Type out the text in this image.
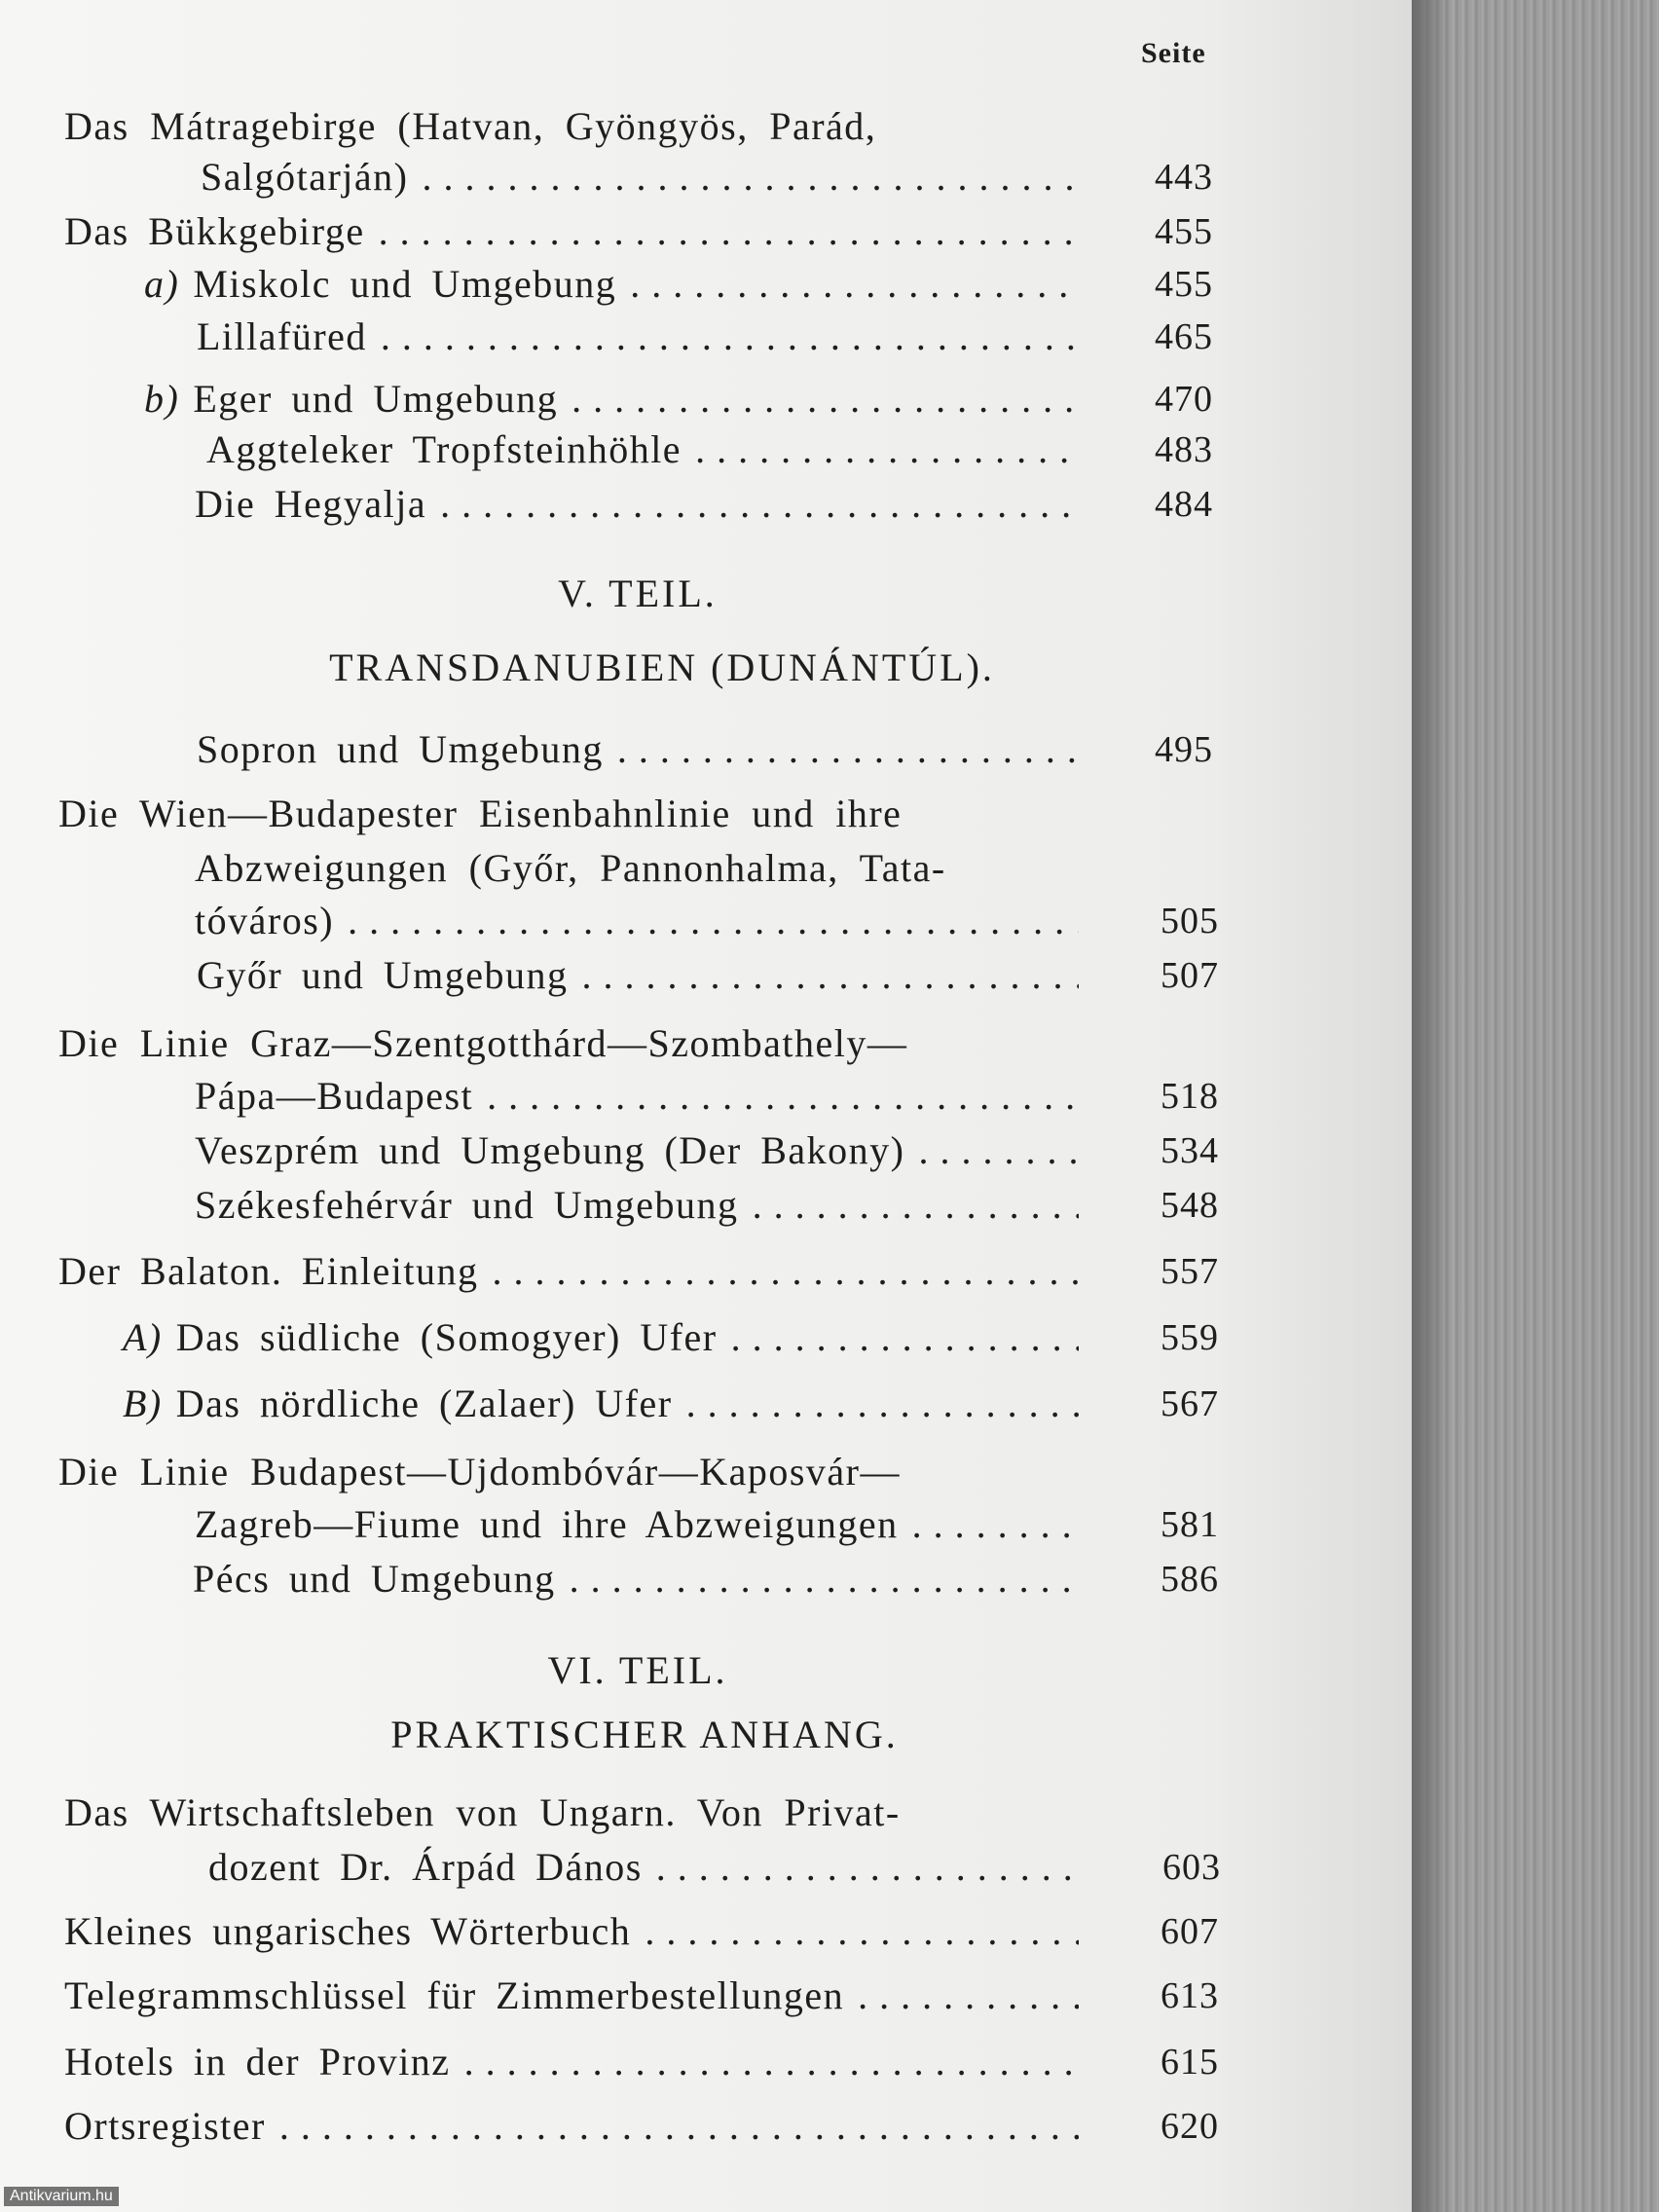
Seite
Das Mátragebirge (Hatvan, Gyöngyös, Parád,
Salgótarján) . . .	443
Das Bükkgebirge . . .	455
a) Miskolc und Umgebung . . .	455
Lillafüred . . .	465
b) Eger und Umgebung . . .	470
Aggteleker Tropfsteinhöhle . . .	483
Die Hegyalja . . .	484
V. TEIL.
TRANSDANUBIEN (DUNÁNTÚL).
Sopron und Umgebung . . .	495
Die Wien—Budapester Eisenbahnlinie und ihre
Abzweigungen (Győr, Pannonhalma, Tata-
tóváros) . . .	505
Győr und Umgebung . . .	507
Die Linie Graz—Szentgotthárd—Szombathely—
Pápa—Budapest . . .	518
Veszprém und Umgebung (Der Bakony) . . .	534
Székesfehérvár und Umgebung . . .	548
Der Balaton. Einleitung . . .	557
A) Das südliche (Somogyer) Ufer . . .	559
B) Das nördliche (Zalaer) Ufer . . .	567
Die Linie Budapest—Ujdombóvár—Kaposvár—
Zagreb—Fiume und ihre Abzweigungen . . .	581
Pécs und Umgebung . . .	586
VI. TEIL.
PRAKTISCHER ANHANG.
Das Wirtschaftsleben von Ungarn. Von Privat-
dozent Dr. Árpád Dános . . .	603
Kleines ungarisches Wörterbuch . . .	607
Telegrammschlüssel für Zimmerbestellungen . . .	613
Hotels in der Provinz . . .	615
Ortsregister . . .	620
Antikvarium.hu
